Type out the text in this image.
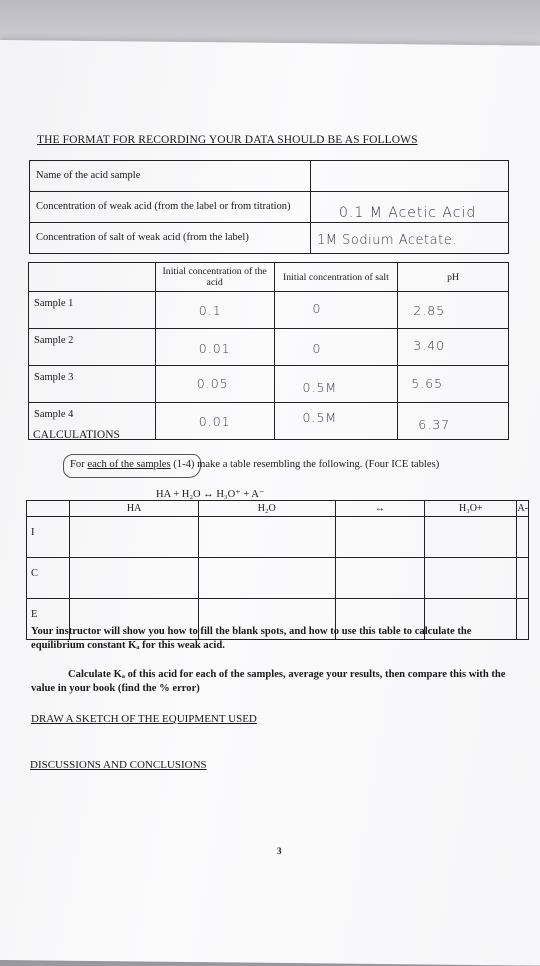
THE FORMAT FOR RECORDING YOUR DATA SHOULD BE AS FOLLOWS
Name of the acid sample	
Concentration of weak acid (from the label or from titration)	0.1 M Acetic Acid

Concentration of salt of weak acid (from the label)	1M Sodium Acetate.
	Initial concentration of the acid	Initial concentration of salt	pH
Sample 1	0.1	0	2.85

Sample 2	0.01	0	3.40

Sample 3	0.05	0.5M	5.65

Sample 4	0.01	0.5M	6.37
CALCULATIONS
For each of the samples (1-4) make a table resembling the following. (Four ICE tables)
HA + H₂O ↔ H₃O⁺ + A⁻
	HA	H₂O	↔	H₃O+	A-
I					
C					
E					
Your instructor will show you how to fill the blank spots, and how to use this table to calculate the equilibrium constant Kₐ for this weak acid.
Calculate Kₐ of this acid for each of the samples, average your results, then compare this with the value in your book (find the % error)
DRAW A SKETCH OF THE EQUIPMENT USED
DISCUSSIONS AND CONCLUSIONS
3
